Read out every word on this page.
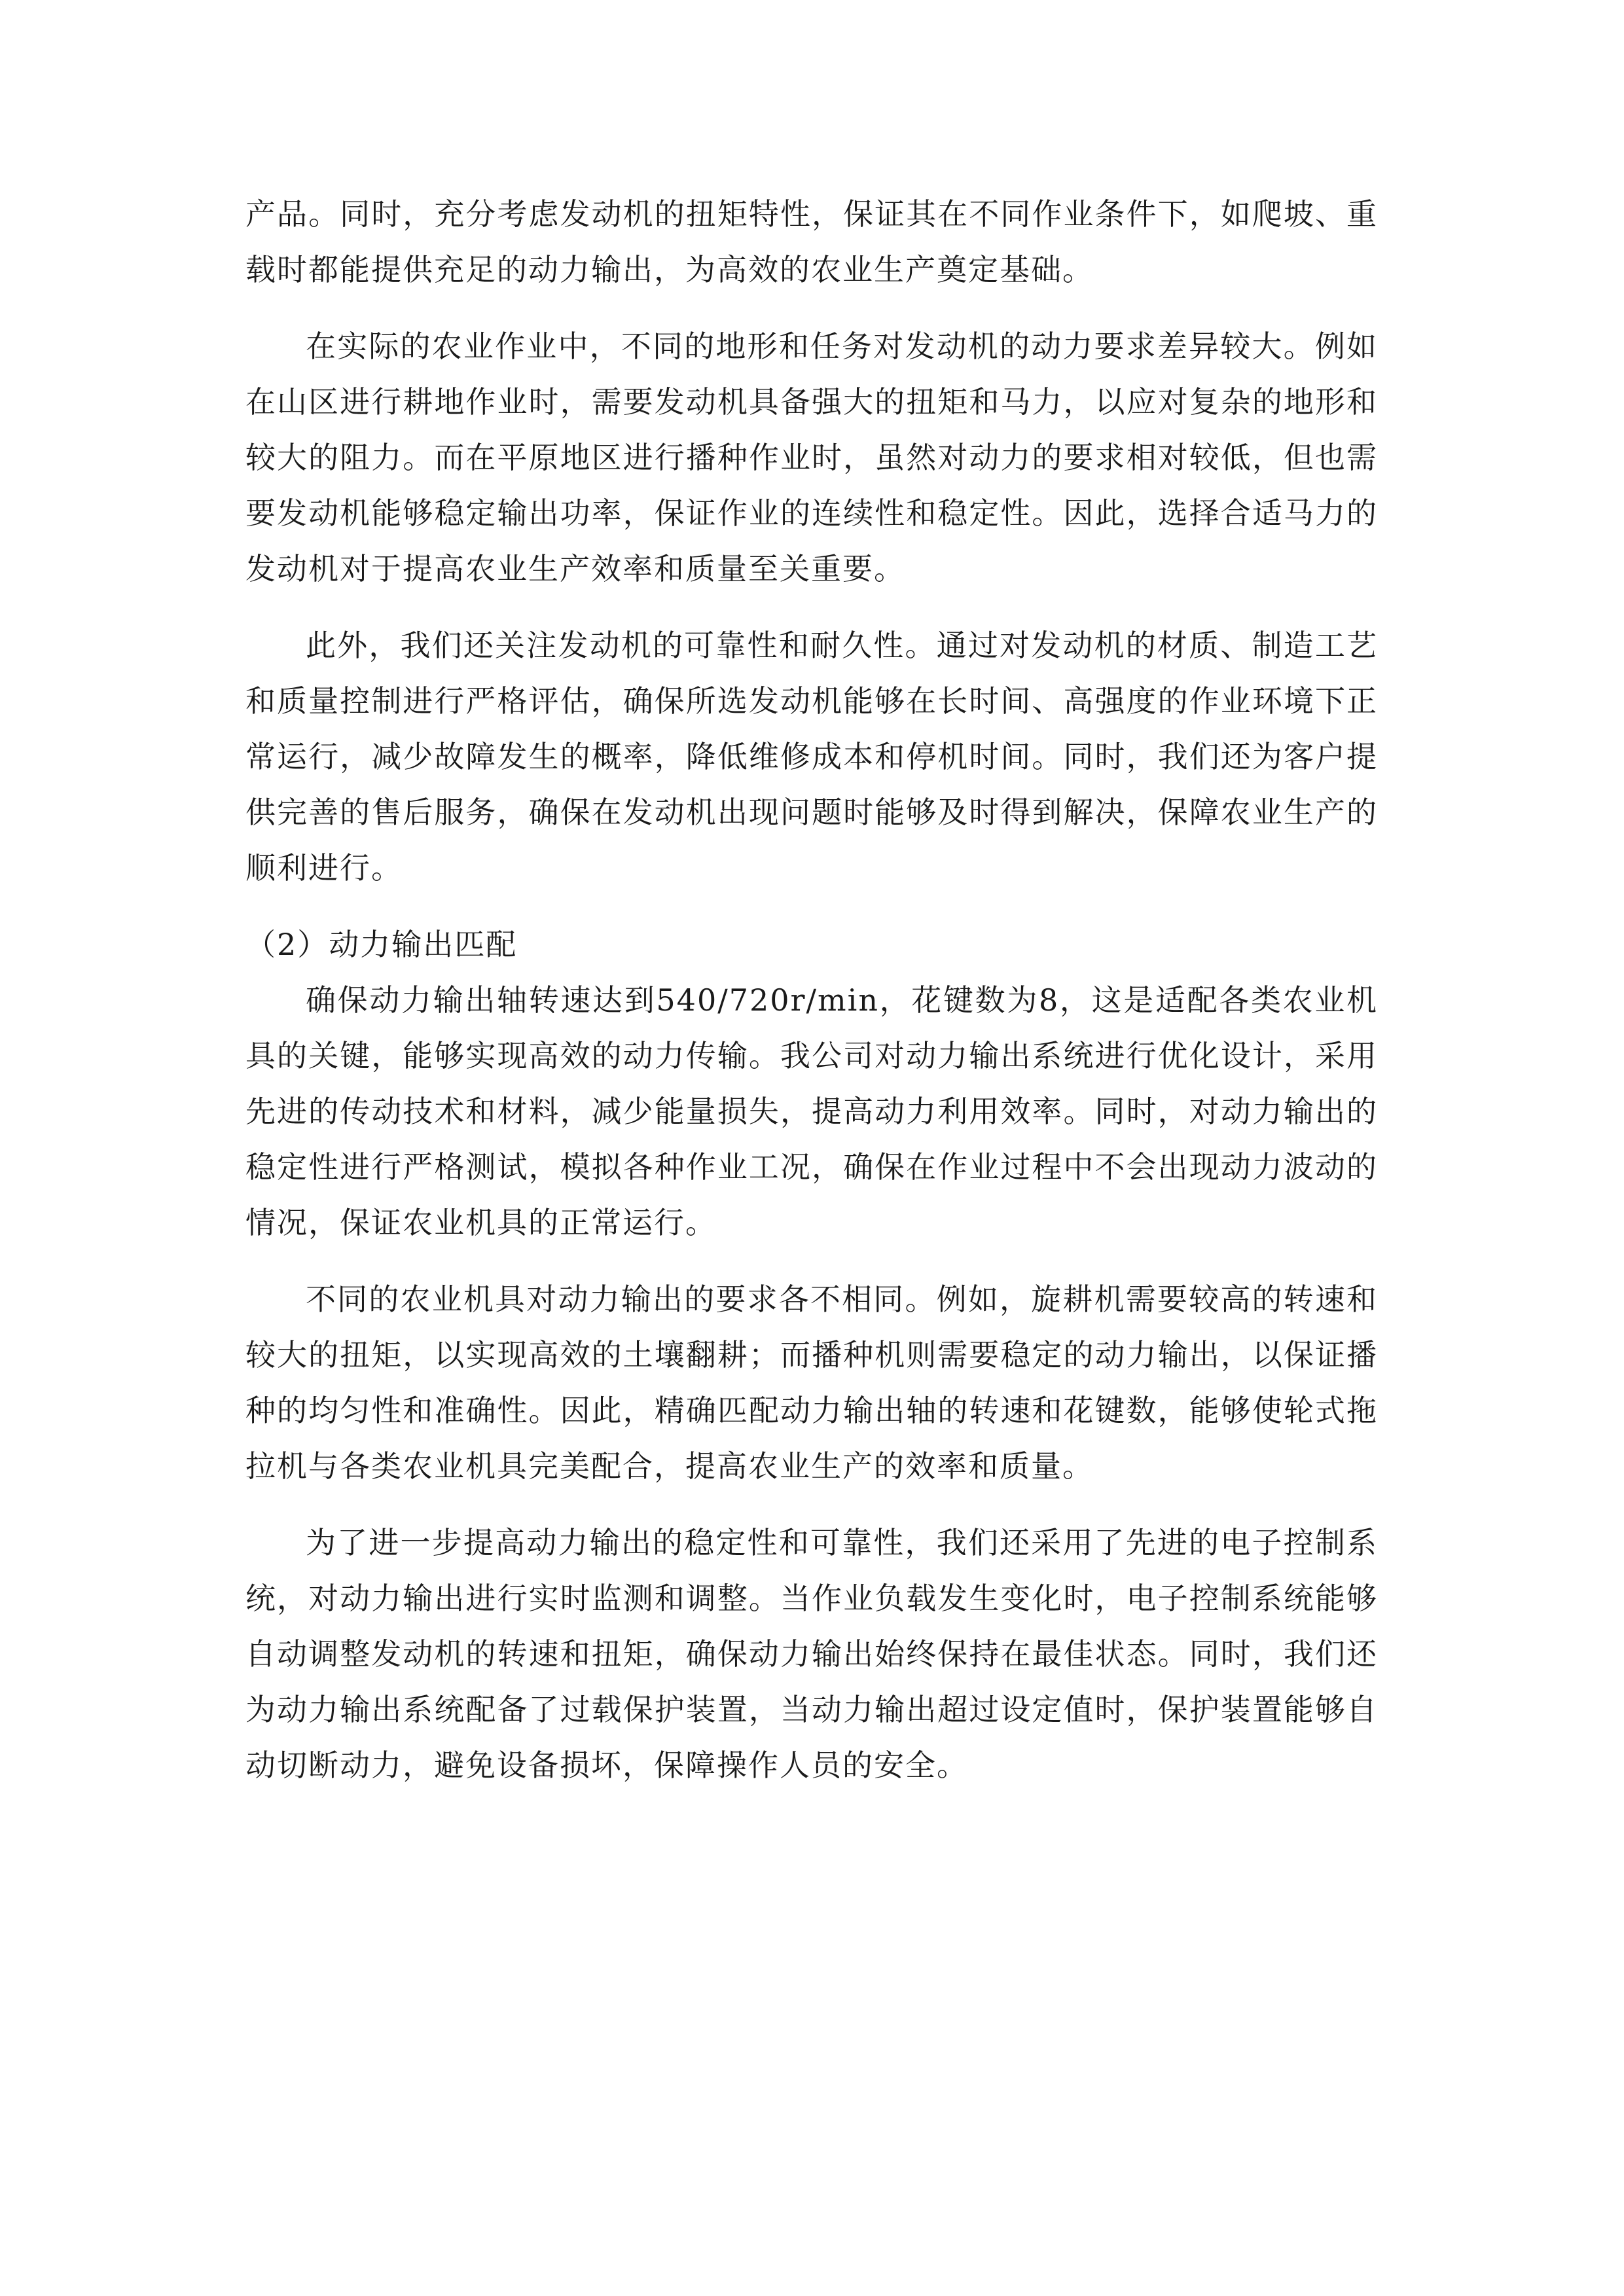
产品。同时，充分考虑发动机的扭矩特性，保证其在不同作业条件下，如爬坡、重载时都能提供充足的动力输出，为高效的农业生产奠定基础。

在实际的农业作业中，不同的地形和任务对发动机的动力要求差异较大。例如在山区进行耕地作业时，需要发动机具备强大的扭矩和马力，以应对复杂的地形和较大的阻力。而在平原地区进行播种作业时，虽然对动力的要求相对较低，但也需要发动机能够稳定输出功率，保证作业的连续性和稳定性。因此，选择合适马力的发动机对于提高农业生产效率和质量至关重要。

此外，我们还关注发动机的可靠性和耐久性。通过对发动机的材质、制造工艺和质量控制进行严格评估，确保所选发动机能够在长时间、高强度的作业环境下正常运行，减少故障发生的概率，降低维修成本和停机时间。同时，我们还为客户提供完善的售后服务，确保在发动机出现问题时能够及时得到解决，保障农业生产的顺利进行。

（2）动力输出匹配

确保动力输出轴转速达到540/720r/min，花键数为8，这是适配各类农业机具的关键，能够实现高效的动力传输。我公司对动力输出系统进行优化设计，采用先进的传动技术和材料，减少能量损失，提高动力利用效率。同时，对动力输出的稳定性进行严格测试，模拟各种作业工况，确保在作业过程中不会出现动力波动的情况，保证农业机具的正常运行。

不同的农业机具对动力输出的要求各不相同。例如，旋耕机需要较高的转速和较大的扭矩，以实现高效的土壤翻耕；而播种机则需要稳定的动力输出，以保证播种的均匀性和准确性。因此，精确匹配动力输出轴的转速和花键数，能够使轮式拖拉机与各类农业机具完美配合，提高农业生产的效率和质量。

为了进一步提高动力输出的稳定性和可靠性，我们还采用了先进的电子控制系统，对动力输出进行实时监测和调整。当作业负载发生变化时，电子控制系统能够自动调整发动机的转速和扭矩，确保动力输出始终保持在最佳状态。同时，我们还为动力输出系统配备了过载保护装置，当动力输出超过设定值时，保护装置能够自动切断动力，避免设备损坏，保障操作人员的安全。
